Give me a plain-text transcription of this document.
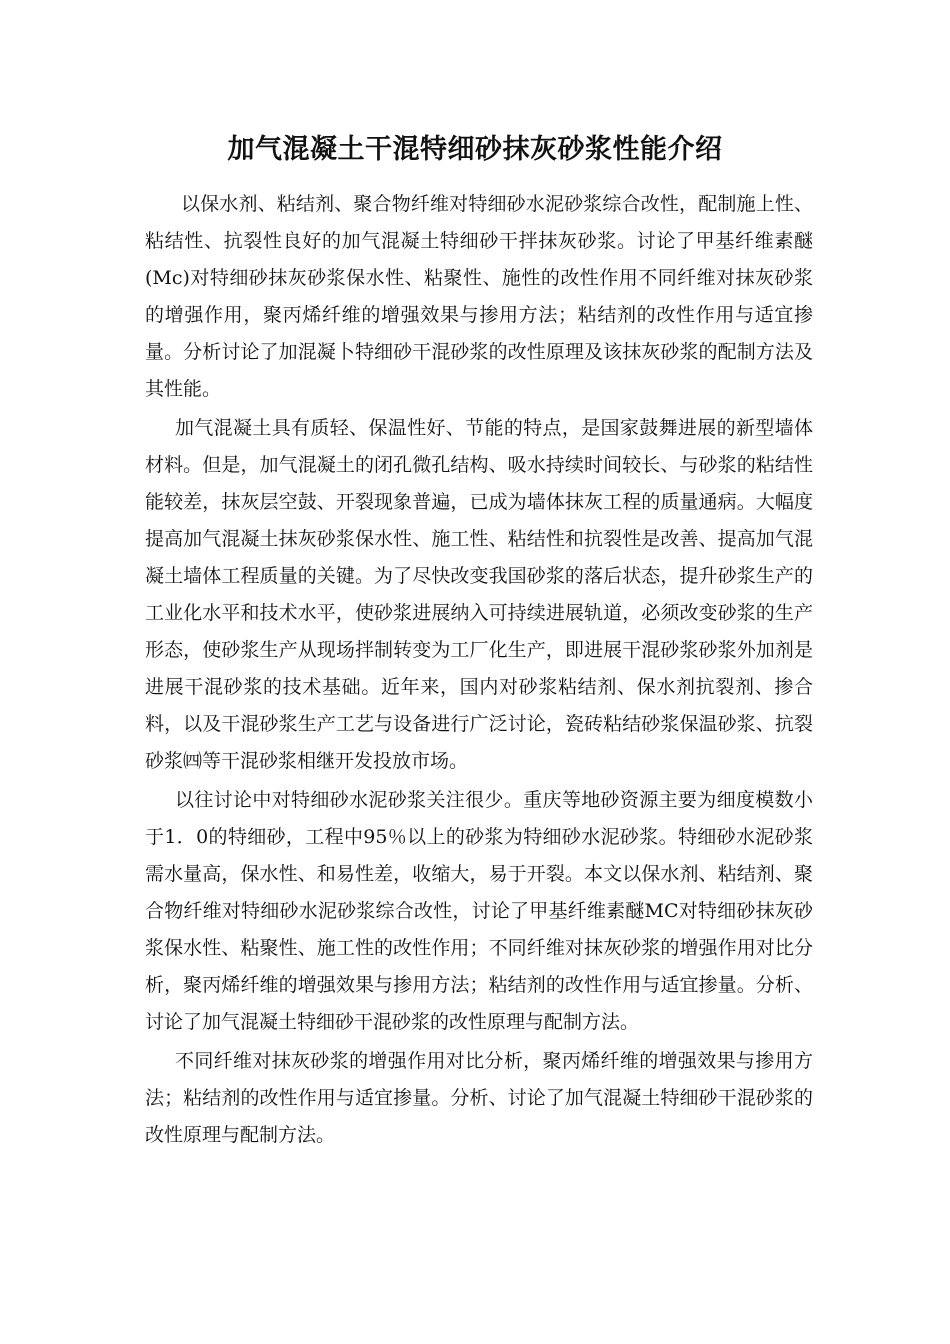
加气混凝土干混特细砂抹灰砂浆性能介绍

以保水剂、粘结剂、聚合物纤维对特细砂水泥砂浆综合改性，配制施上性、粘结性、抗裂性良好的加气混凝土特细砂干拌抹灰砂浆。讨论了甲基纤维素醚(Mc)对特细砂抹灰砂浆保水性、粘聚性、施性的改性作用不同纤维对抹灰砂浆的增强作用，聚丙烯纤维的增强效果与掺用方法；粘结剂的改性作用与适宜掺量。分析讨论了加混凝卜特细砂干混砂浆的改性原理及该抹灰砂浆的配制方法及其性能。

加气混凝土具有质轻、保温性好、节能的特点，是国家鼓舞进展的新型墙体材料。但是，加气混凝土的闭孔微孔结构、吸水持续时间较长、与砂浆的粘结性能较差，抹灰层空鼓、开裂现象普遍，已成为墙体抹灰工程的质量通病。大幅度提高加气混凝土抹灰砂浆保水性、施工性、粘结性和抗裂性是改善、提高加气混凝土墙体工程质量的关键。为了尽快改变我国砂浆的落后状态，提升砂浆生产的工业化水平和技术水平，使砂浆进展纳入可持续进展轨道，必须改变砂浆的生产形态，使砂浆生产从现场拌制转变为工厂化生产，即进展干混砂浆砂浆外加剂是进展干混砂浆的技术基础。近年来，国内对砂浆粘结剂、保水剂抗裂剂、掺合料，以及干混砂浆生产工艺与设备进行广泛讨论，瓷砖粘结砂浆保温砂浆、抗裂砂浆㈣等干混砂浆相继开发投放市场。

以往讨论中对特细砂水泥砂浆关注很少。重庆等地砂资源主要为细度模数小于1．0的特细砂，工程中95％以上的砂浆为特细砂水泥砂浆。特细砂水泥砂浆需水量高，保水性、和易性差，收缩大，易于开裂。本文以保水剂、粘结剂、聚合物纤维对特细砂水泥砂浆综合改性，讨论了甲基纤维素醚MC对特细砂抹灰砂浆保水性、粘聚性、施工性的改性作用；不同纤维对抹灰砂浆的增强作用对比分析，聚丙烯纤维的增强效果与掺用方法；粘结剂的改性作用与适宜掺量。分析、讨论了加气混凝土特细砂干混砂浆的改性原理与配制方法。

不同纤维对抹灰砂浆的增强作用对比分析，聚丙烯纤维的增强效果与掺用方法；粘结剂的改性作用与适宜掺量。分析、讨论了加气混凝土特细砂干混砂浆的改性原理与配制方法。
